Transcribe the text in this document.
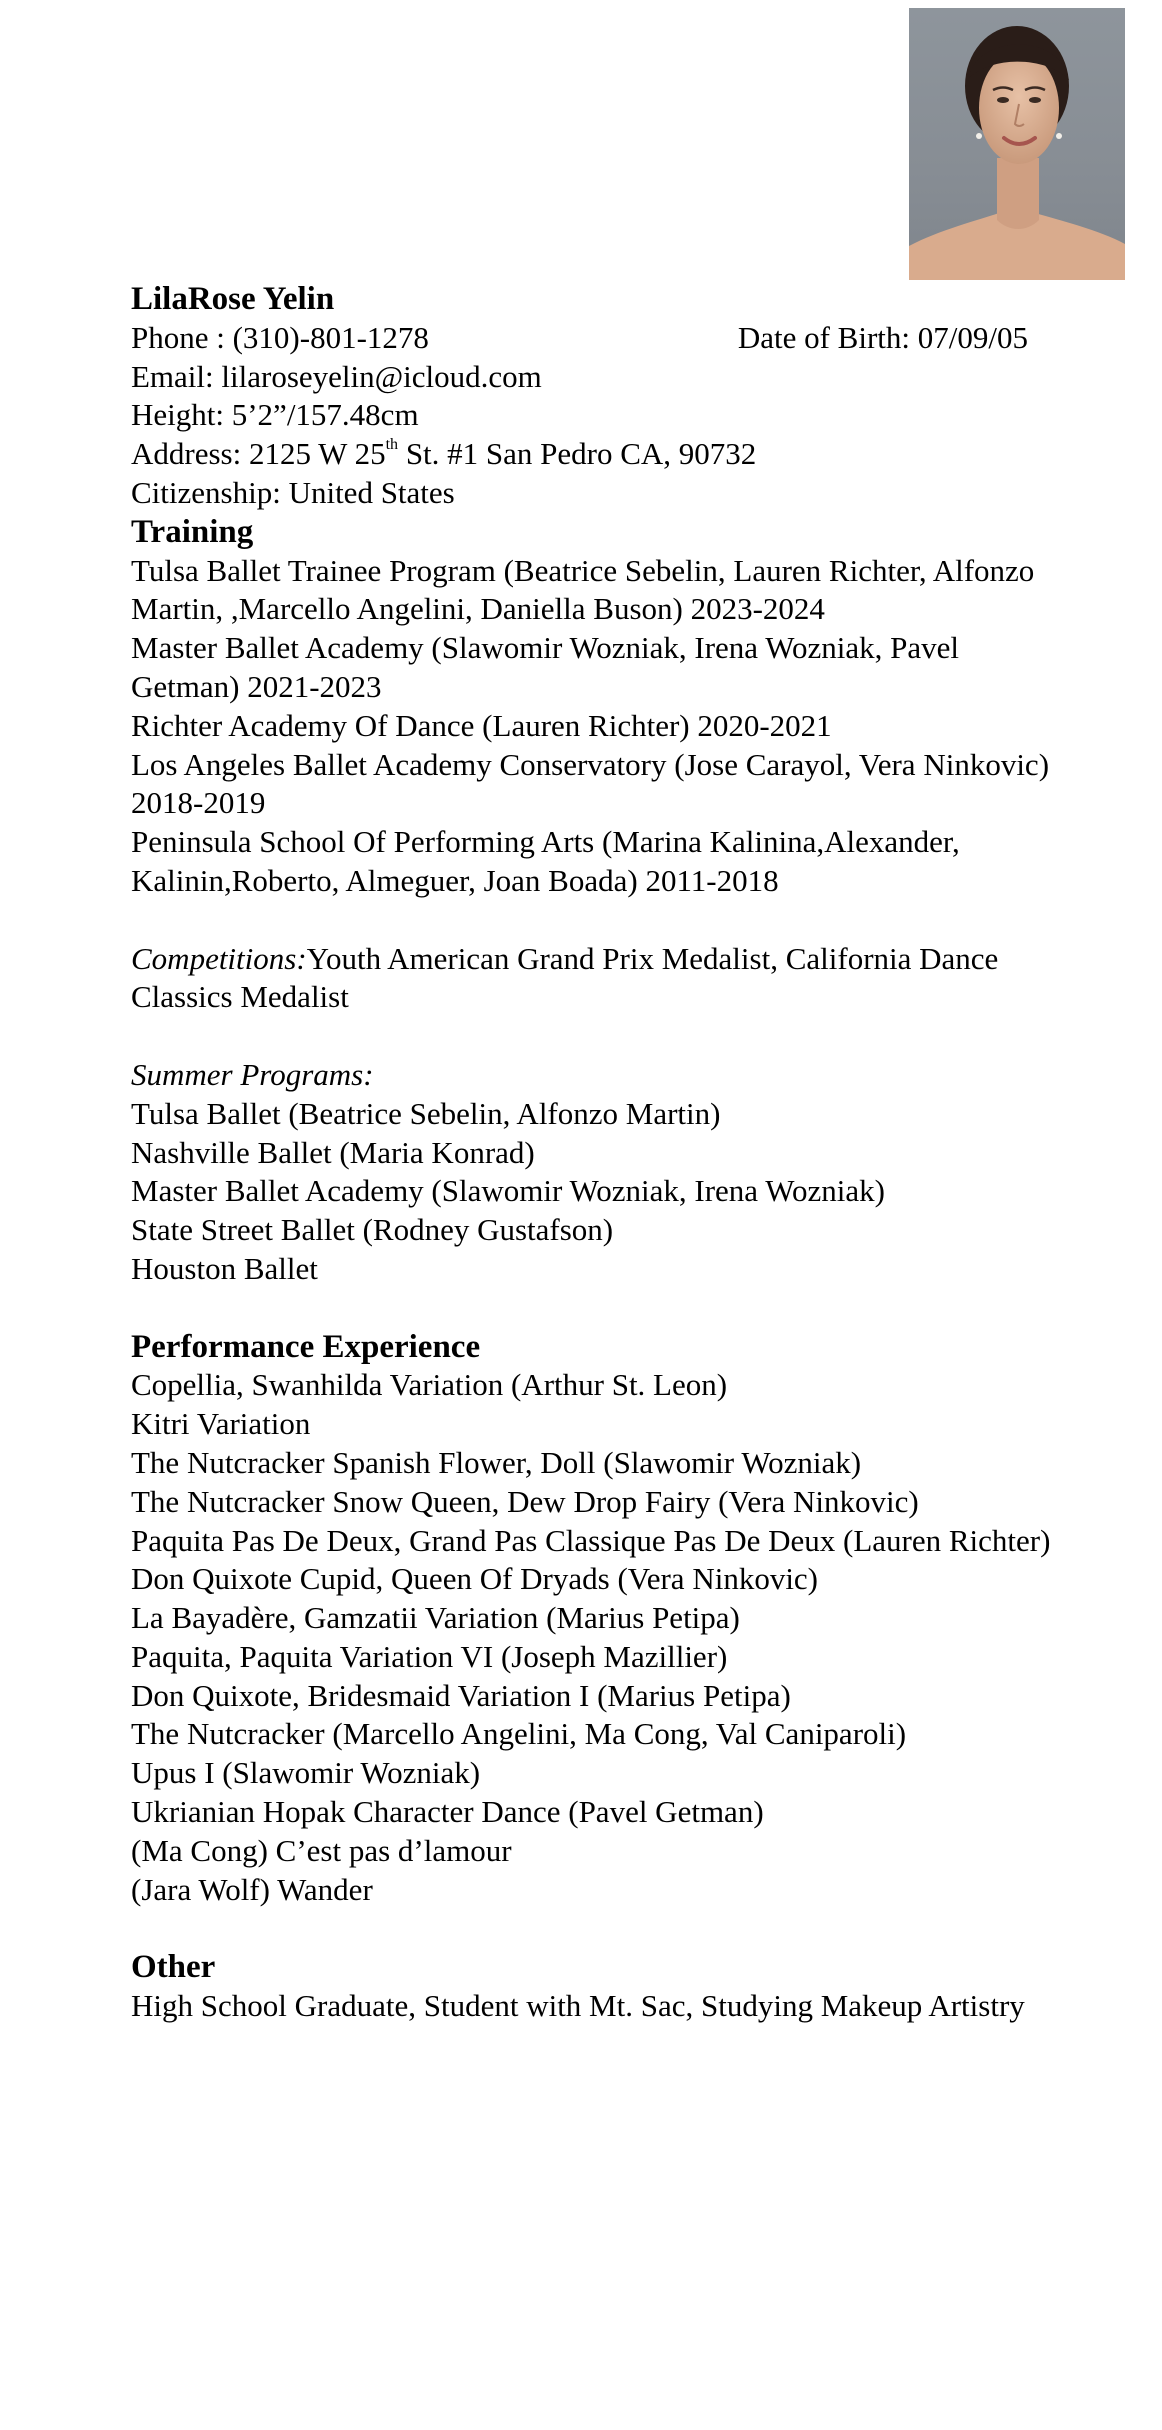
LilaRose Yelin

Phone : (310)-801-1278	Date of Birth: 07/09/05

Email: lilaroseyelin@icloud.com

Height: 5’2”/157.48cm

Address: 2125 W 25th St. #1 San Pedro CA, 90732

Citizenship: United States

Training

Tulsa Ballet Trainee Program (Beatrice Sebelin, Lauren Richter, Alfonzo Martin, ,Marcello Angelini, Daniella Buson) 2023-2024

Master Ballet Academy (Slawomir Wozniak, Irena Wozniak, Pavel Getman) 2021-2023

Richter Academy Of Dance (Lauren Richter) 2020-2021

Los Angeles Ballet Academy Conservatory (Jose Carayol, Vera Ninkovic) 2018-2019

Peninsula School Of Performing Arts (Marina Kalinina,Alexander, Kalinin,Roberto, Almeguer, Joan Boada) 2011-2018

Competitions:Youth American Grand Prix Medalist, California Dance Classics Medalist

Summer Programs:

Tulsa Ballet (Beatrice Sebelin, Alfonzo Martin)

Nashville Ballet (Maria Konrad)

Master Ballet Academy (Slawomir Wozniak, Irena Wozniak)

State Street Ballet (Rodney Gustafson)

Houston Ballet

Performance Experience

Copellia, Swanhilda Variation (Arthur St. Leon)

Kitri Variation

The Nutcracker Spanish Flower, Doll (Slawomir Wozniak)

The Nutcracker Snow Queen, Dew Drop Fairy (Vera Ninkovic)

Paquita Pas De Deux, Grand Pas Classique Pas De Deux (Lauren Richter)

Don Quixote Cupid, Queen Of Dryads (Vera Ninkovic)

La Bayadère, Gamzatii Variation (Marius Petipa)

Paquita, Paquita Variation VI (Joseph Mazillier)

Don Quixote, Bridesmaid Variation I (Marius Petipa)

The Nutcracker (Marcello Angelini, Ma Cong, Val Caniparoli)

Upus I (Slawomir Wozniak)

Ukrianian Hopak Character Dance (Pavel Getman)

(Ma Cong) C’est pas d’lamour

(Jara Wolf) Wander

Other

High School Graduate, Student with Mt. Sac, Studying Makeup Artistry
